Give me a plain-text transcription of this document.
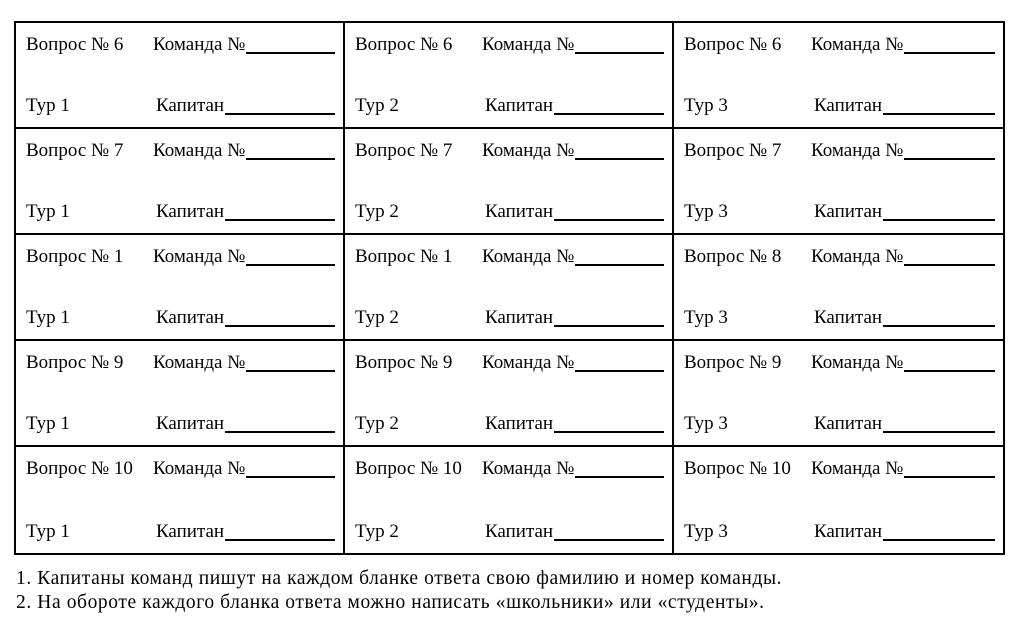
Вопрос № 6	Команда №
Тур 1	Капитан
Вопрос № 6	Команда №
Тур 2	Капитан
Вопрос № 6	Команда №
Тур 3	Капитан
Вопрос № 7	Команда №
Тур 1	Капитан
Вопрос № 7	Команда №
Тур 2	Капитан
Вопрос № 7	Команда №
Тур 3	Капитан
Вопрос № 1	Команда №
Тур 1	Капитан
Вопрос № 1	Команда №
Тур 2	Капитан
Вопрос № 8	Команда №
Тур 3	Капитан
Вопрос № 9	Команда №
Тур 1	Капитан
Вопрос № 9	Команда №
Тур 2	Капитан
Вопрос № 9	Команда №
Тур 3	Капитан
Вопрос № 10	Команда №
Тур 1	Капитан
Вопрос № 10	Команда №
Тур 2	Капитан
Вопрос № 10	Команда №
Тур 3	Капитан
1. Капитаны команд пишут на каждом бланке ответа свою фамилию и номер команды.
2. На обороте каждого бланка ответа можно написать «школьники» или «студенты».
